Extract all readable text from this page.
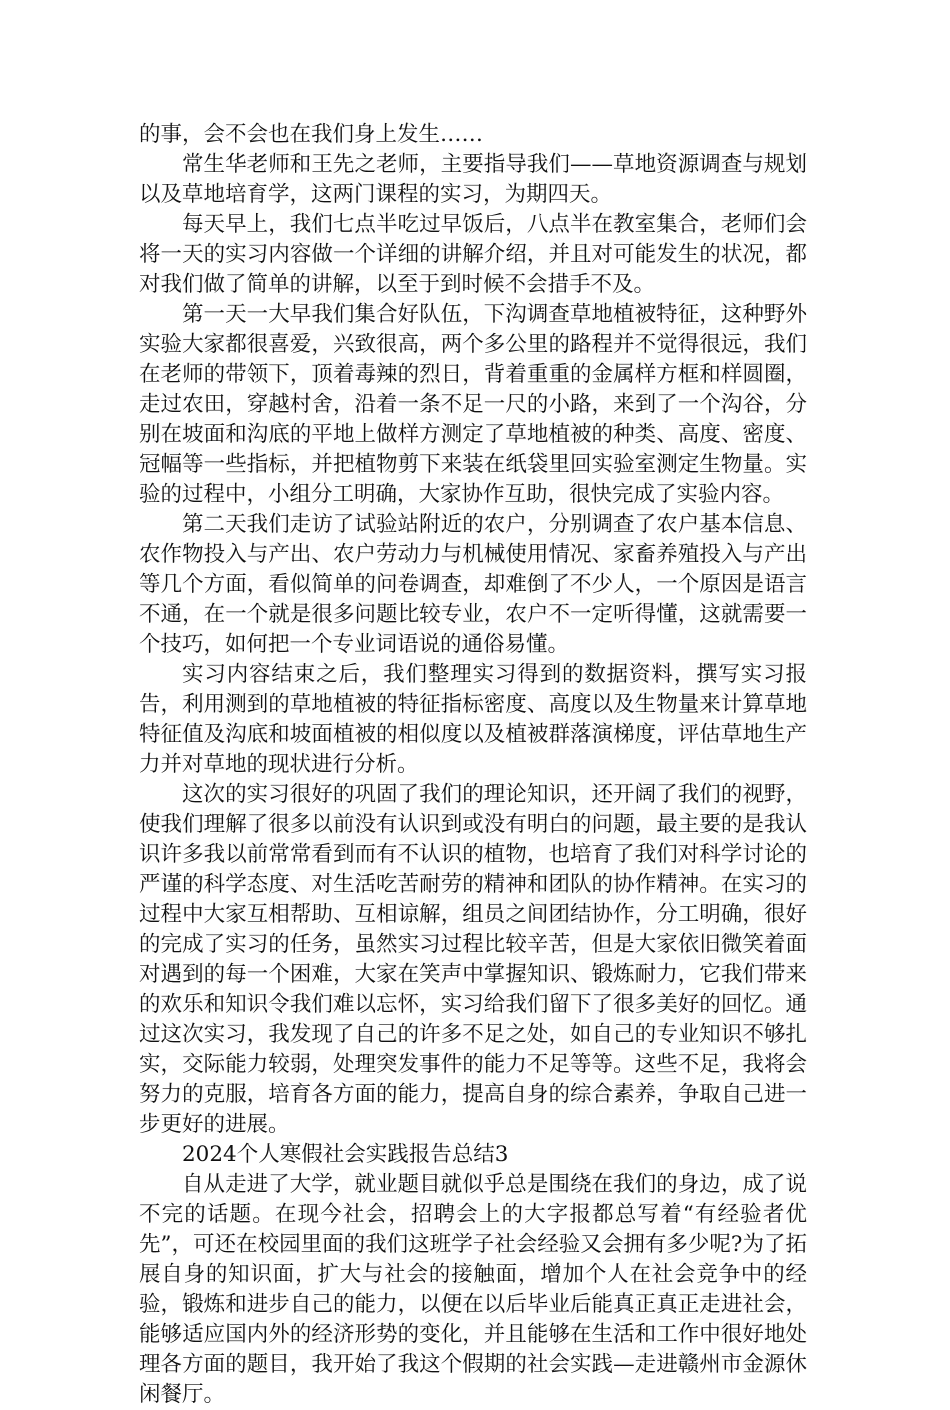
的事，会不会也在我们身上发生……

常生华老师和王先之老师，主要指导我们——草地资源调查与规划以及草地培育学，这两门课程的实习，为期四天。

每天早上，我们七点半吃过早饭后，八点半在教室集合，老师们会将一天的实习内容做一个详细的讲解介绍，并且对可能发生的状况，都对我们做了简单的讲解，以至于到时候不会措手不及。

第一天一大早我们集合好队伍，下沟调查草地植被特征，这种野外实验大家都很喜爱，兴致很高，两个多公里的路程并不觉得很远，我们在老师的带领下，顶着毒辣的烈日，背着重重的金属样方框和样圆圈，走过农田，穿越村舍，沿着一条不足一尺的小路，来到了一个沟谷，分别在坡面和沟底的平地上做样方测定了草地植被的种类、高度、密度、冠幅等一些指标，并把植物剪下来装在纸袋里回实验室测定生物量。实验的过程中，小组分工明确，大家协作互助，很快完成了实验内容。

第二天我们走访了试验站附近的农户，分别调查了农户基本信息、农作物投入与产出、农户劳动力与机械使用情况、家畜养殖投入与产出等几个方面，看似简单的问卷调查，却难倒了不少人，一个原因是语言不通，在一个就是很多问题比较专业，农户不一定听得懂，这就需要一个技巧，如何把一个专业词语说的通俗易懂。

实习内容结束之后，我们整理实习得到的数据资料，撰写实习报告，利用测到的草地植被的特征指标密度、高度以及生物量来计算草地特征值及沟底和坡面植被的相似度以及植被群落演梯度，评估草地生产力并对草地的现状进行分析。

这次的实习很好的巩固了我们的理论知识，还开阔了我们的视野，使我们理解了很多以前没有认识到或没有明白的问题，最主要的是我认识许多我以前常常看到而有不认识的植物，也培育了我们对科学讨论的严谨的科学态度、对生活吃苦耐劳的精神和团队的协作精神。在实习的过程中大家互相帮助、互相谅解，组员之间团结协作，分工明确，很好的完成了实习的任务，虽然实习过程比较辛苦，但是大家依旧微笑着面对遇到的每一个困难，大家在笑声中掌握知识、锻炼耐力，它我们带来的欢乐和知识令我们难以忘怀，实习给我们留下了很多美好的回忆。通过这次实习，我发现了自己的许多不足之处，如自己的专业知识不够扎实，交际能力较弱，处理突发事件的能力不足等等。这些不足，我将会努力的克服，培育各方面的能力，提高自身的综合素养，争取自己进一步更好的进展。

2024个人寒假社会实践报告总结3

自从走进了大学，就业题目就似乎总是围绕在我们的身边，成了说不完的话题。在现今社会，招聘会上的大字报都总写着“有经验者优先”，可还在校园里面的我们这班学子社会经验又会拥有多少呢?为了拓展自身的知识面，扩大与社会的接触面，增加个人在社会竞争中的经验，锻炼和进步自己的能力，以便在以后毕业后能真正真正走进社会，能够适应国内外的经济形势的变化，并且能够在生活和工作中很好地处理各方面的题目，我开始了我这个假期的社会实践—走进赣州市金源休闲餐厅。
